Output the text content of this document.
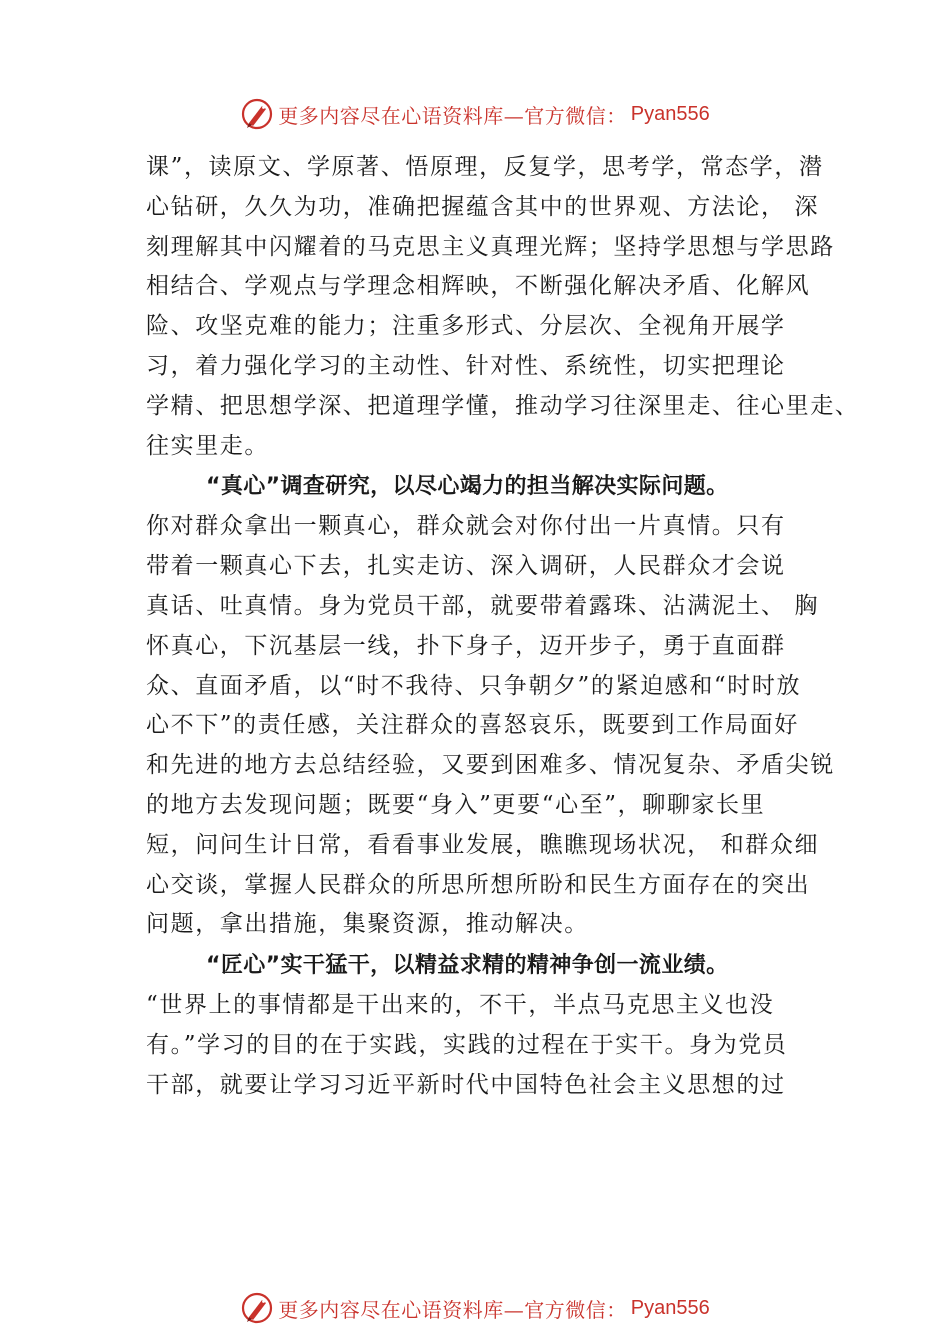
更多内容尽在心语资料库—官方微信： Pyan556
课”，读原文、学原著、悟原理，反复学，思考学，常态学，潜
心钻研，久久为功，准确把握蕴含其中的世界观、方法论， 深
刻理解其中闪耀着的马克思主义真理光辉；坚持学思想与学思路
相结合、学观点与学理念相辉映，不断强化解决矛盾、化解风
险、攻坚克难的能力；注重多形式、分层次、全视角开展学
习，着力强化学习的主动性、针对性、系统性，切实把理论
学精、把思想学深、把道理学懂，推动学习往深里走、往心里走、
往实里走。
“真心”调查研究，以尽心竭力的担当解决实际问题。
你对群众拿出一颗真心，群众就会对你付出一片真情。只有
带着一颗真心下去，扎实走访、深入调研，人民群众才会说
真话、吐真情。身为党员干部，就要带着露珠、沾满泥土、 胸
怀真心，下沉基层一线，扑下身子，迈开步子，勇于直面群
众、直面矛盾，以“时不我待、只争朝夕”的紧迫感和“时时放
心不下”的责任感，关注群众的喜怒哀乐，既要到工作局面好
和先进的地方去总结经验，又要到困难多、情况复杂、矛盾尖锐
的地方去发现问题；既要“身入”更要“心至”，聊聊家长里
短，问问生计日常，看看事业发展，瞧瞧现场状况， 和群众细
心交谈，掌握人民群众的所思所想所盼和民生方面存在的突出
问题，拿出措施，集聚资源，推动解决。
“匠心”实干猛干，以精益求精的精神争创一流业绩。
“世界上的事情都是干出来的，不干，半点马克思主义也没
有。”学习的目的在于实践，实践的过程在于实干。身为党员
干部，就要让学习习近平新时代中国特色社会主义思想的过
更多内容尽在心语资料库—官方微信： Pyan556
